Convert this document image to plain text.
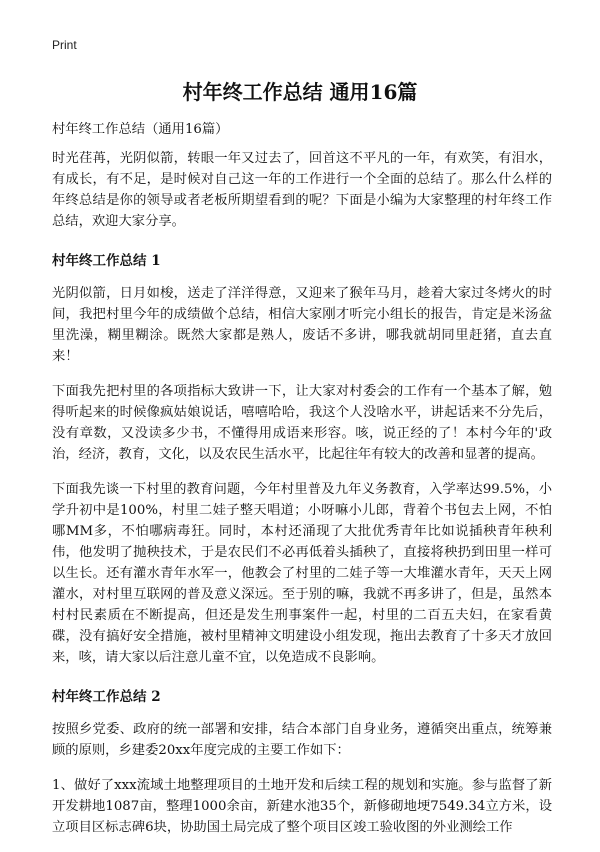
Print
村年终工作总结 通用16篇

村年终工作总结（通用16篇）

时光荏苒，光阴似箭，转眼一年又过去了，回首这不平凡的一年，有欢笑，有泪水，有成长，有不足，是时候对自己这一年的工作进行一个全面的总结了。那么什么样的年终总结是你的领导或者老板所期望看到的呢？下面是小编为大家整理的村年终工作总结，欢迎大家分享。

村年终工作总结 1

光阴似箭，日月如梭，送走了洋洋得意，又迎来了猴年马月，趁着大家过冬烤火的时间，我把村里今年的成绩做个总结，相信大家刚才听完小组长的报告，肯定是米汤盆里洗澡，糊里糊涂。既然大家都是熟人，废话不多讲，哪我就胡同里赶猪，直去直来！

下面我先把村里的各项指标大致讲一下，让大家对村委会的工作有一个基本了解，勉得听起来的时候像疯姑娘说话，嘻嘻哈哈，我这个人没啥水平，讲起话来不分先后，没有章数，又没读多少书，不懂得用成语来形容。咳，说正经的了！本村今年的'政治，经济，教育，文化，以及农民生活水平，比起往年有较大的改善和显著的提高。

下面我先谈一下村里的教育问题，今年村里普及九年义务教育，入学率达99.5%，小学升初中是100%，村里二娃子整天唱道；小呀嘛小儿郎，背着个书包去上网，不怕哪MM多，不怕哪病毒狂。同时，本村还涌现了大批优秀青年比如说插秧青年秧利伟，他发明了抛秧技术，于是农民们不必再低着头插秧了，直接将秧扔到田里一样可以生长。还有灌水青年水军一，他教会了村里的二娃子等一大堆灌水青年，天天上网灌水，对村里互联网的普及意义深远。至于别的嘛，我就不再多讲了，但是，虽然本村村民素质在不断提高，但还是发生刑事案件一起，村里的二百五夫妇，在家看黄碟，没有搞好安全措施，被村里精神文明建设小组发现，拖出去教育了十多天才放回来，咳，请大家以后注意儿童不宜，以免造成不良影响。

村年终工作总结 2

按照乡党委、政府的统一部署和安排，结合本部门自身业务，遵循突出重点，统筹兼顾的原则，乡建委20xx年度完成的主要工作如下：

1、做好了xxx流域土地整理项目的土地开发和后续工程的规划和实施。参与监督了新开发耕地1087亩，整理1000余亩，新建水池35个，新修砌地埂7549.34立方米，设立项目区标志碑6块，协助国土局完成了整个项目区竣工验收图的外业测绘工作
